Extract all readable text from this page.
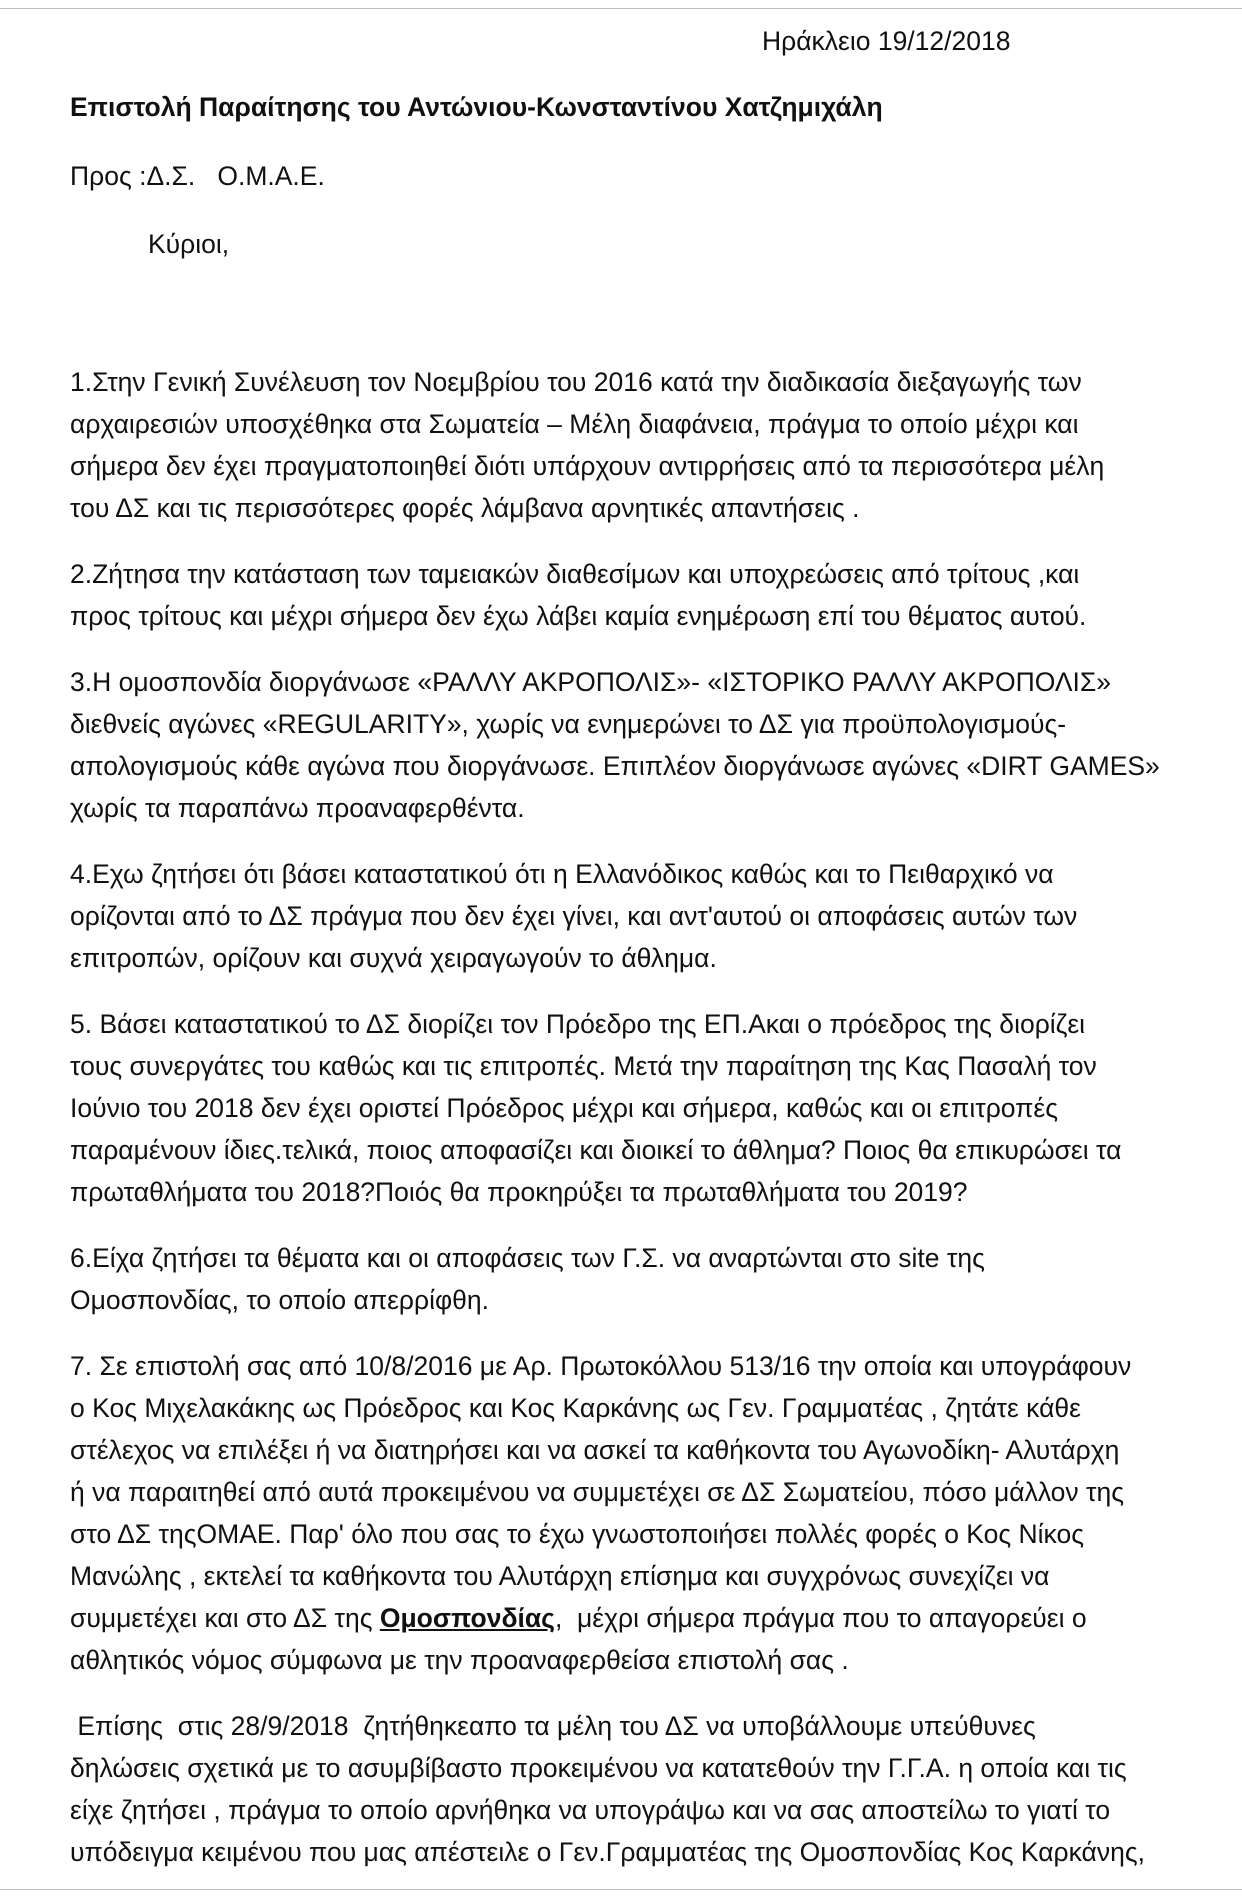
Ηράκλειο 19/12/2018
Επιστολή Παραίτησης του Αντώνιου-Κωνσταντίνου Χατζημιχάλη
Προς :Δ.Σ.   Ο.Μ.Α.Ε.
Κύριοι,
1.Στην Γενική Συνέλευση τον Νοεμβρίου του 2016 κατά την διαδικασία διεξαγωγής των
αρχαιρεσιών υποσχέθηκα στα Σωματεία – Μέλη διαφάνεια, πράγμα το οποίο μέχρι και
σήμερα δεν έχει πραγματοποιηθεί διότι υπάρχουν αντιρρήσεις από τα περισσότερα μέλη
του ΔΣ και τις περισσότερες φορές λάμβανα αρνητικές απαντήσεις .
2.Ζήτησα την κατάσταση των ταμειακών διαθεσίμων και υποχρεώσεις από τρίτους ,και
προς τρίτους και μέχρι σήμερα δεν έχω λάβει καμία ενημέρωση επί του θέματος αυτού.
3.Η ομοσπονδία διοργάνωσε «ΡΑΛΛΥ ΑΚΡΟΠΟΛΙΣ»- «ΙΣΤΟΡΙΚΟ ΡΑΛΛΥ ΑΚΡΟΠΟΛΙΣ»
διεθνείς αγώνες «REGULARITY», χωρίς να ενημερώνει το ΔΣ για προϋπολογισμούς-
απολογισμούς κάθε αγώνα που διοργάνωσε. Επιπλέον διοργάνωσε αγώνες «DIRT GAMES»
χωρίς τα παραπάνω προαναφερθέντα.
4.Εχω ζητήσει ότι βάσει καταστατικού ότι η Ελλανόδικος καθώς και το Πειθαρχικό να
ορίζονται από το ΔΣ πράγμα που δεν έχει γίνει, και αντ'αυτού οι αποφάσεις αυτών των
επιτροπών, ορίζουν και συχνά χειραγωγούν το άθλημα.
5. Βάσει καταστατικού το ΔΣ διορίζει τον Πρόεδρο της ΕΠ.Ακαι ο πρόεδρος της διορίζει
τους συνεργάτες του καθώς και τις επιτροπές. Μετά την παραίτηση της Κας Πασαλή τον
Ιούνιο του 2018 δεν έχει οριστεί Πρόεδρος μέχρι και σήμερα, καθώς και οι επιτροπές
παραμένουν ίδιες.τελικά, ποιος αποφασίζει και διοικεί το άθλημα? Ποιος θα επικυρώσει τα
πρωταθλήματα του 2018?Ποιός θα προκηρύξει τα πρωταθλήματα του 2019?
6.Είχα ζητήσει τα θέματα και οι αποφάσεις των Γ.Σ. να αναρτώνται στο site της
Ομοσπονδίας, το οποίο απερρίφθη.
7. Σε επιστολή σας από 10/8/2016 με Αρ. Πρωτοκόλλου 513/16 την οποία και υπογράφουν
ο Κος Μιχελακάκης ως Πρόεδρος και Κος Καρκάνης ως Γεν. Γραμματέας , ζητάτε κάθε
στέλεχος να επιλέξει ή να διατηρήσει και να ασκεί τα καθήκοντα του Αγωνοδίκη- Αλυτάρχη
ή να παραιτηθεί από αυτά προκειμένου να συμμετέχει σε ΔΣ Σωματείου, πόσο μάλλον της
στο ΔΣ τηςΟΜΑΕ. Παρ' όλο που σας το έχω γνωστοποιήσει πολλές φορές ο Κος Νίκος
Μανώλης , εκτελεί τα καθήκοντα του Αλυτάρχη επίσημα και συγχρόνως συνεχίζει να
συμμετέχει και στο ΔΣ της Ομοσπονδίας,  μέχρι σήμερα πράγμα που το απαγορεύει ο
αθλητικός νόμος σύμφωνα με την προαναφερθείσα επιστολή σας .
Επίσης  στις 28/9/2018  ζητήθηκεαπο τα μέλη του ΔΣ να υποβάλλουμε υπεύθυνες
δηλώσεις σχετικά με το ασυμβίβαστο προκειμένου να κατατεθούν την Γ.Γ.Α. η οποία και τις
είχε ζητήσει , πράγμα το οποίο αρνήθηκα να υπογράψω και να σας αποστείλω το γιατί το
υπόδειγμα κειμένου που μας απέστειλε ο Γεν.Γραμματέας της Ομοσπονδίας Κος Καρκάνης,
